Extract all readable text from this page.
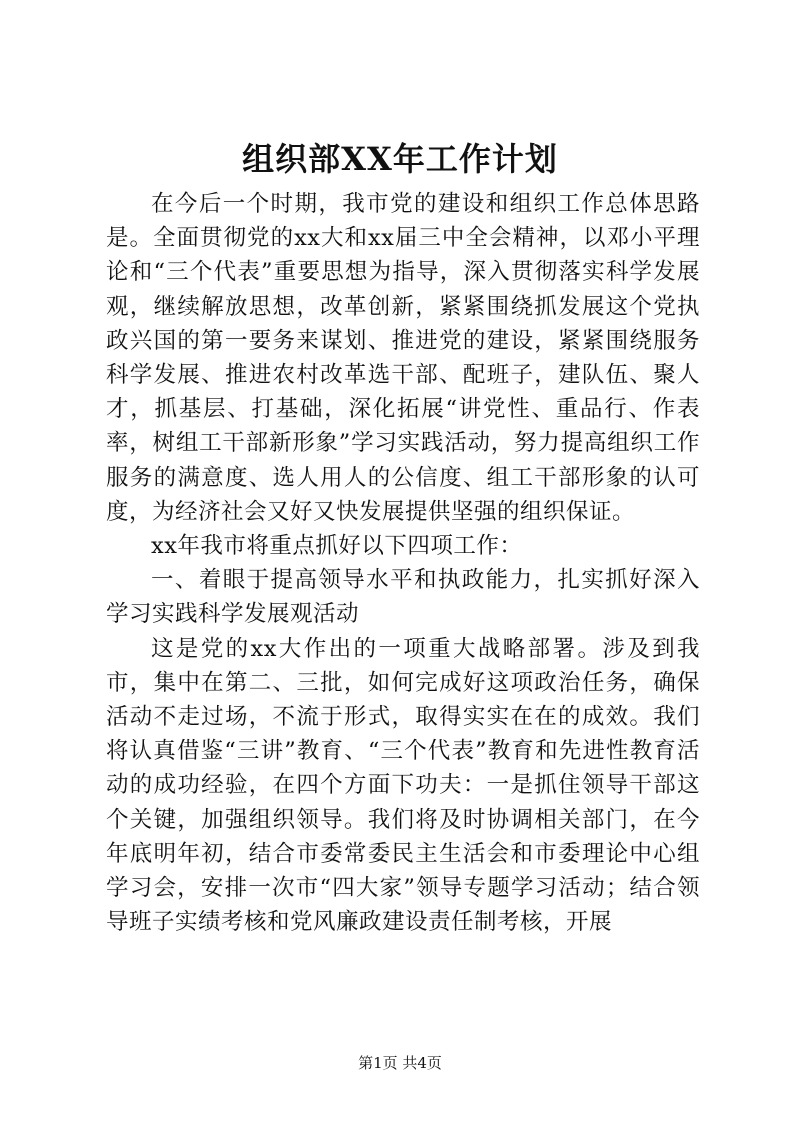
组织部XX年工作计划

在今后一个时期，我市党的建设和组织工作总体思路是。全面贯彻党的xx大和xx届三中全会精神，以邓小平理论和“三个代表”重要思想为指导，深入贯彻落实科学发展观，继续解放思想，改革创新，紧紧围绕抓发展这个党执政兴国的第一要务来谋划、推进党的建设，紧紧围绕服务科学发展、推进农村改革选干部、配班子，建队伍、聚人才，抓基层、打基础，深化拓展“讲党性、重品行、作表率，树组工干部新形象”学习实践活动，努力提高组织工作服务的满意度、选人用人的公信度、组工干部形象的认可度，为经济社会又好又快发展提供坚强的组织保证。

xx年我市将重点抓好以下四项工作：

一、着眼于提高领导水平和执政能力，扎实抓好深入学习实践科学发展观活动

这是党的xx大作出的一项重大战略部署。涉及到我市，集中在第二、三批，如何完成好这项政治任务，确保活动不走过场，不流于形式，取得实实在在的成效。我们将认真借鉴“三讲”教育、“三个代表”教育和先进性教育活动的成功经验，在四个方面下功夫：一是抓住领导干部这个关键，加强组织领导。我们将及时协调相关部门，在今年底明年初，结合市委常委民主生活会和市委理论中心组学习会，安排一次市“四大家”领导专题学习活动；结合领导班子实绩考核和党风廉政建设责任制考核，开展

第1页 共4页
